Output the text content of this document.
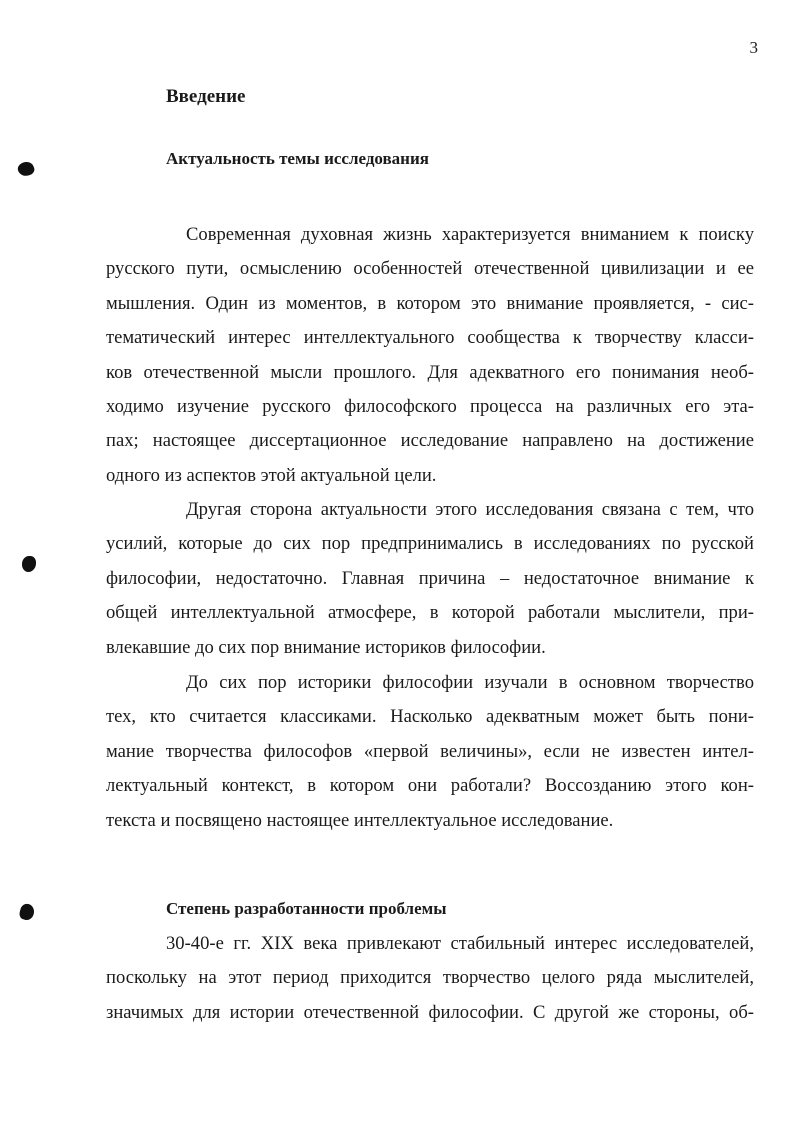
3
Введение
Актуальность темы исследования
Современная духовная жизнь характеризуется вниманием к поиску
русского пути, осмыслению особенностей отечественной цивилизации и ее
мышления. Один из моментов, в котором это внимание проявляется, - сис-
тематический интерес интеллектуального сообщества к творчеству класси-
ков отечественной мысли прошлого. Для адекватного его понимания необ-
ходимо изучение русского философского процесса на различных его эта-
пах; настоящее диссертационное исследование направлено на достижение
одного из аспектов этой актуальной цели.
Другая сторона актуальности этого исследования связана с тем, что
усилий, которые до сих пор предпринимались в исследованиях по русской
философии, недостаточно. Главная причина – недостаточное внимание к
общей интеллектуальной атмосфере, в которой работали мыслители, при-
влекавшие до сих пор внимание историков философии.
До сих пор историки философии изучали в основном творчество
тех, кто считается классиками. Насколько адекватным может быть пони-
мание творчества философов «первой величины», если не известен интел-
лектуальный контекст, в котором они работали? Воссозданию этого кон-
текста и посвящено настоящее интеллектуальное исследование.
Степень разработанности проблемы
30-40-е гг. XIX века привлекают стабильный интерес исследователей,
поскольку на этот период приходится творчество целого ряда мыслителей,
значимых для истории отечественной философии. С другой же стороны, об-
